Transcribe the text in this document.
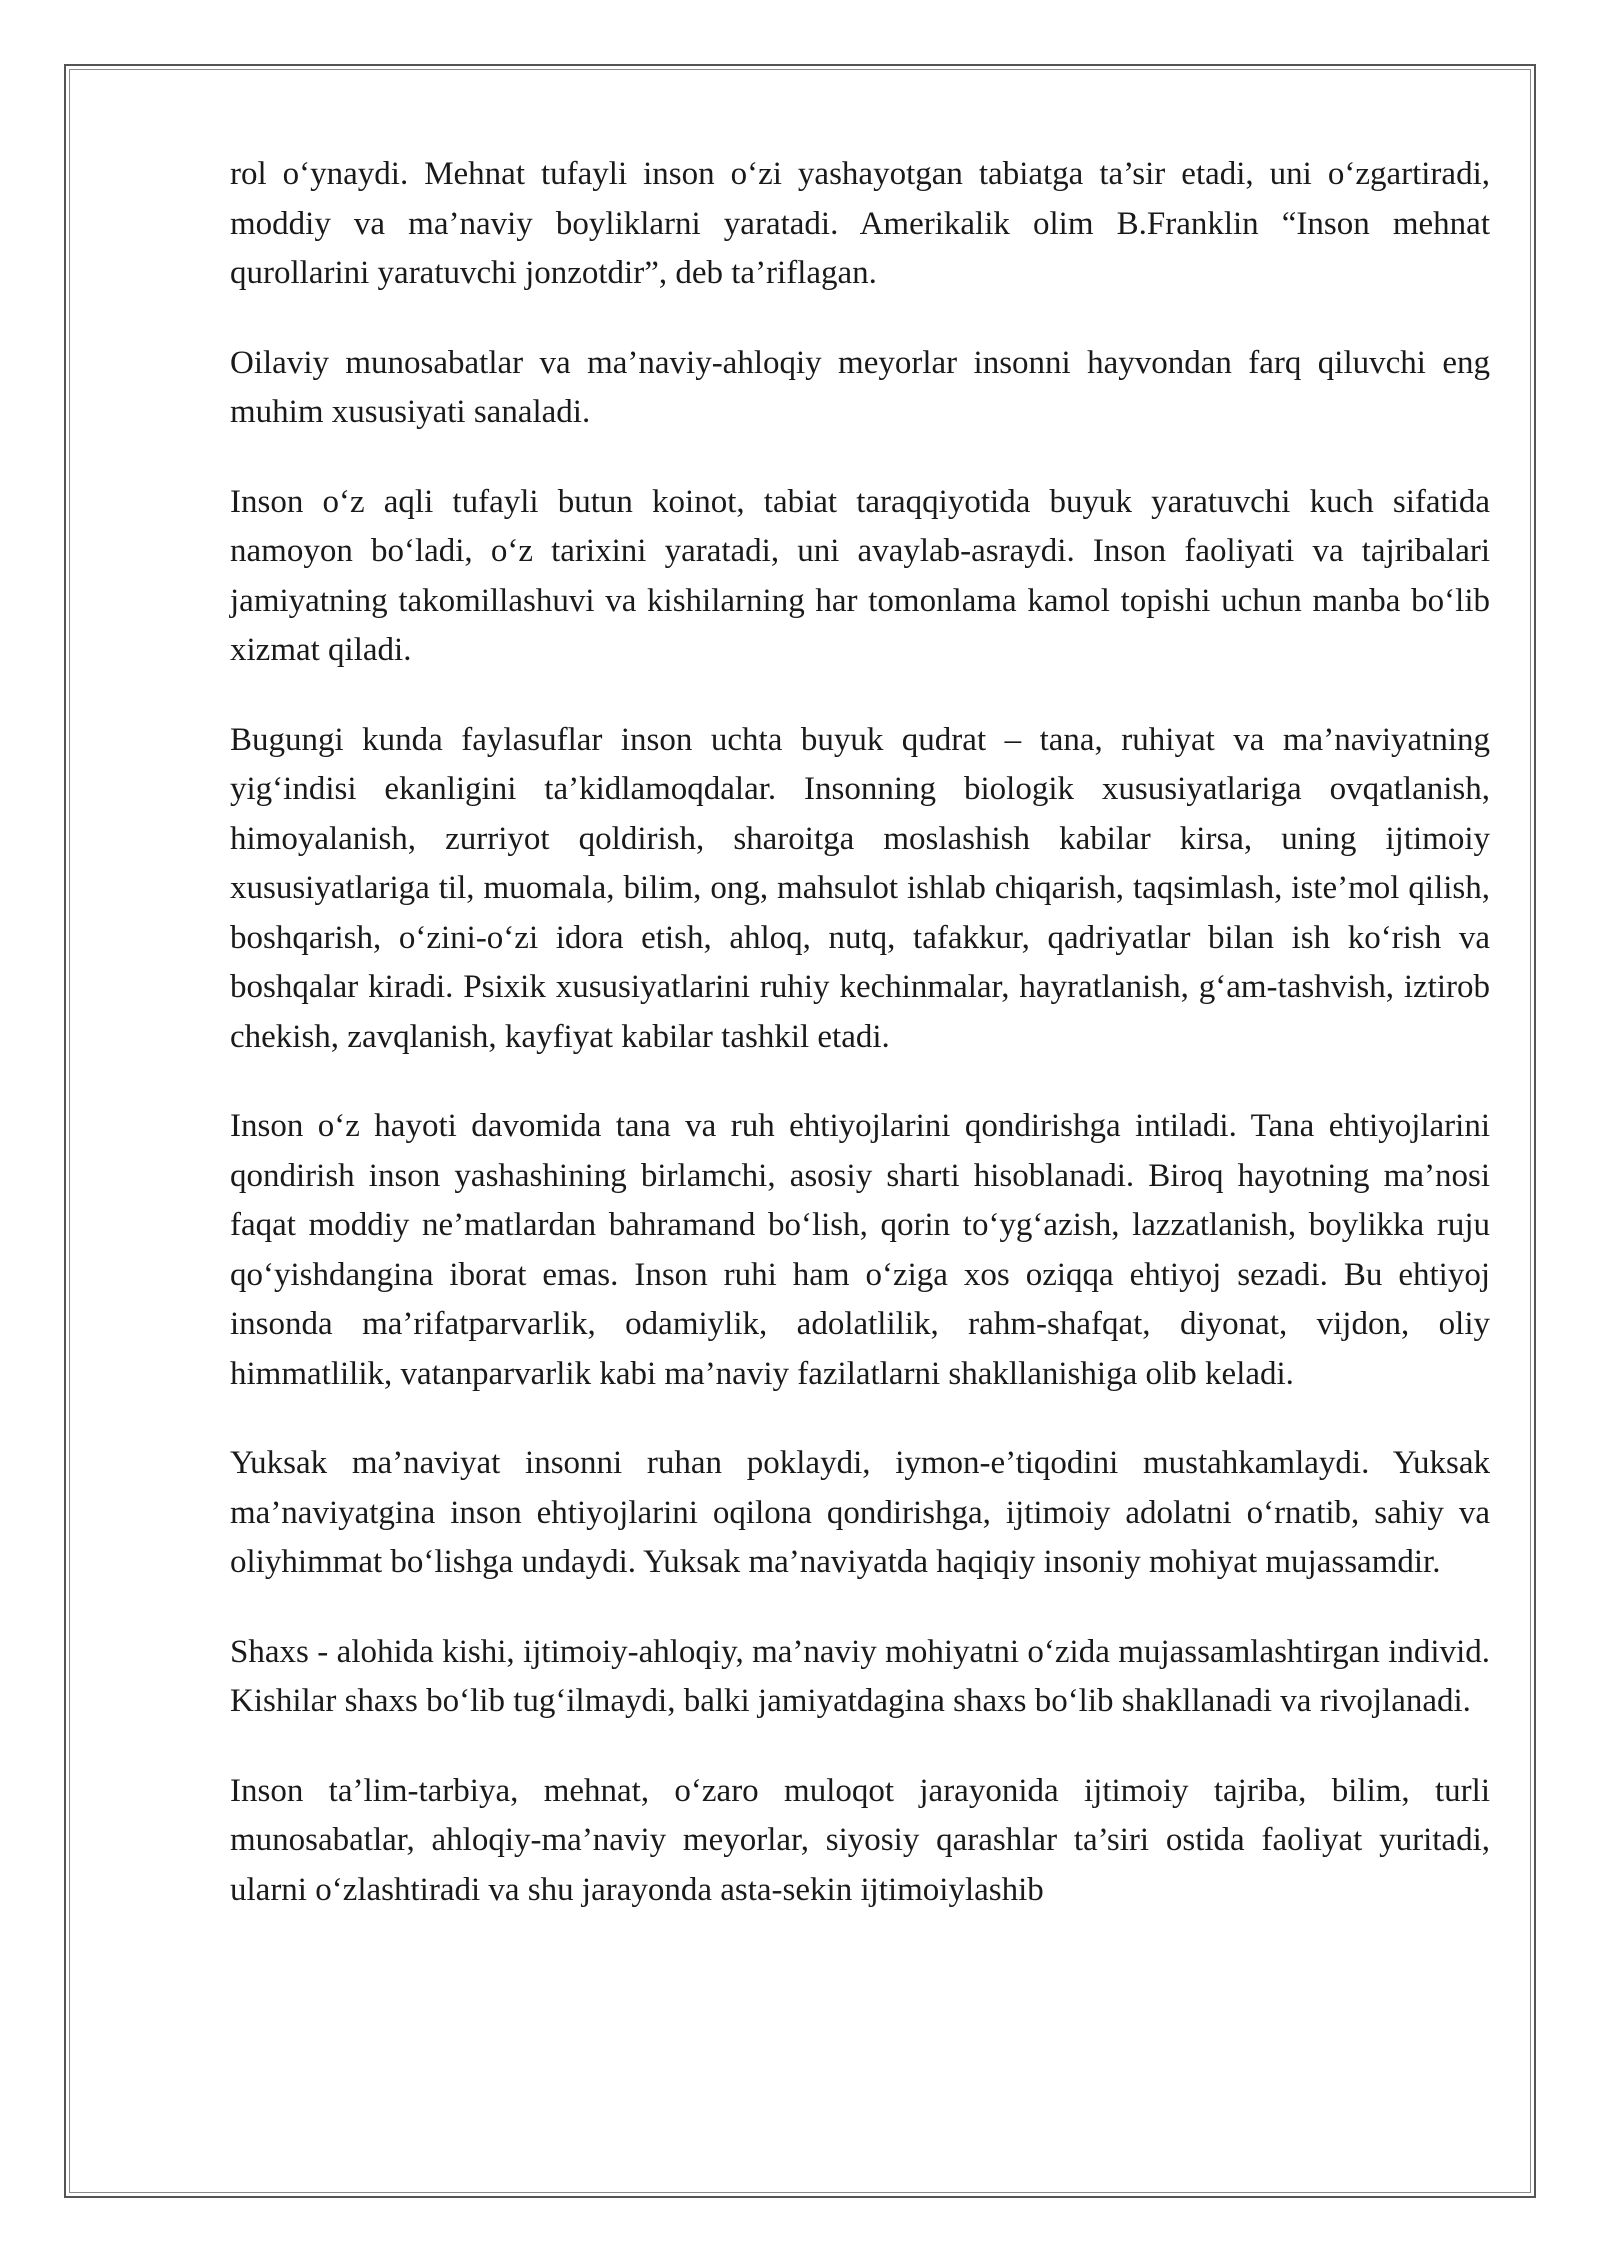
rol o‘ynaydi. Mehnat tufayli inson o‘zi yashayotgan tabiatga ta’sir etadi, uni o‘zgartiradi, moddiy va ma’naviy boyliklarni yaratadi. Amerikalik olim B.Franklin “Inson mehnat qurollarini yaratuvchi jonzotdir”, deb ta’riflagan.

Oilaviy munosabatlar va ma’naviy-ahloqiy meyorlar insonni hayvondan farq qiluvchi eng muhim xususiyati sanaladi.

Inson o‘z aqli tufayli butun koinot, tabiat taraqqiyotida buyuk yaratuvchi kuch sifatida namoyon bo‘ladi, o‘z tarixini yaratadi, uni avaylab-asraydi. Inson faoliyati va tajribalari jamiyatning takomillashuvi va kishilarning har tomonlama kamol topishi uchun manba bo‘lib xizmat qiladi.

Bugungi kunda faylasuflar inson uchta buyuk qudrat – tana, ruhiyat va ma’naviyatning yig‘indisi ekanligini ta’kidlamoqdalar. Insonning biologik xususiyatlariga ovqatlanish, himoyalanish, zurriyot qoldirish, sharoitga moslashish kabilar kirsa, uning ijtimoiy xususiyatlariga til, muomala, bilim, ong, mahsulot ishlab chiqarish, taqsimlash, iste’mol qilish, boshqarish, o‘zini-o‘zi idora etish, ahloq, nutq, tafakkur, qadriyatlar bilan ish ko‘rish va boshqalar kiradi. Psixik xususiyatlarini ruhiy kechinmalar, hayratlanish, g‘am-tashvish, iztirob chekish, zavqlanish, kayfiyat kabilar tashkil etadi.

Inson o‘z hayoti davomida tana va ruh ehtiyojlarini qondirishga intiladi. Tana ehtiyojlarini qondirish inson yashashining birlamchi, asosiy sharti hisoblanadi. Biroq hayotning ma’nosi faqat moddiy ne’matlardan bahramand bo‘lish, qorin to‘yg‘azish, lazzatlanish, boylikka ruju qo‘yishdangina iborat emas. Inson ruhi ham o‘ziga xos oziqqa ehtiyoj sezadi. Bu ehtiyoj insonda ma’rifatparvarlik, odamiylik, adolatlilik, rahm-shafqat, diyonat, vijdon, oliy himmatlilik, vatanparvarlik kabi ma’naviy fazilatlarni shakllanishiga olib keladi.

Yuksak ma’naviyat insonni ruhan poklaydi, iymon-e’tiqodini mustahkamlaydi. Yuksak ma’naviyatgina inson ehtiyojlarini oqilona qondirishga, ijtimoiy adolatni o‘rnatib, sahiy va oliyhimmat bo‘lishga undaydi. Yuksak ma’naviyatda haqiqiy insoniy mohiyat mujassamdir.

Shaxs - alohida kishi, ijtimoiy-ahloqiy, ma’naviy mohiyatni o‘zida mujassamlashtirgan individ. Kishilar shaxs bo‘lib tug‘ilmaydi, balki jamiyatdagina shaxs bo‘lib shakllanadi va rivojlanadi.

Inson ta’lim-tarbiya, mehnat, o‘zaro muloqot jarayonida ijtimoiy tajriba, bilim, turli munosabatlar, ahloqiy-ma’naviy meyorlar, siyosiy qarashlar ta’siri ostida faoliyat yuritadi, ularni o‘zlashtiradi va shu jarayonda asta-sekin ijtimoiylashib
